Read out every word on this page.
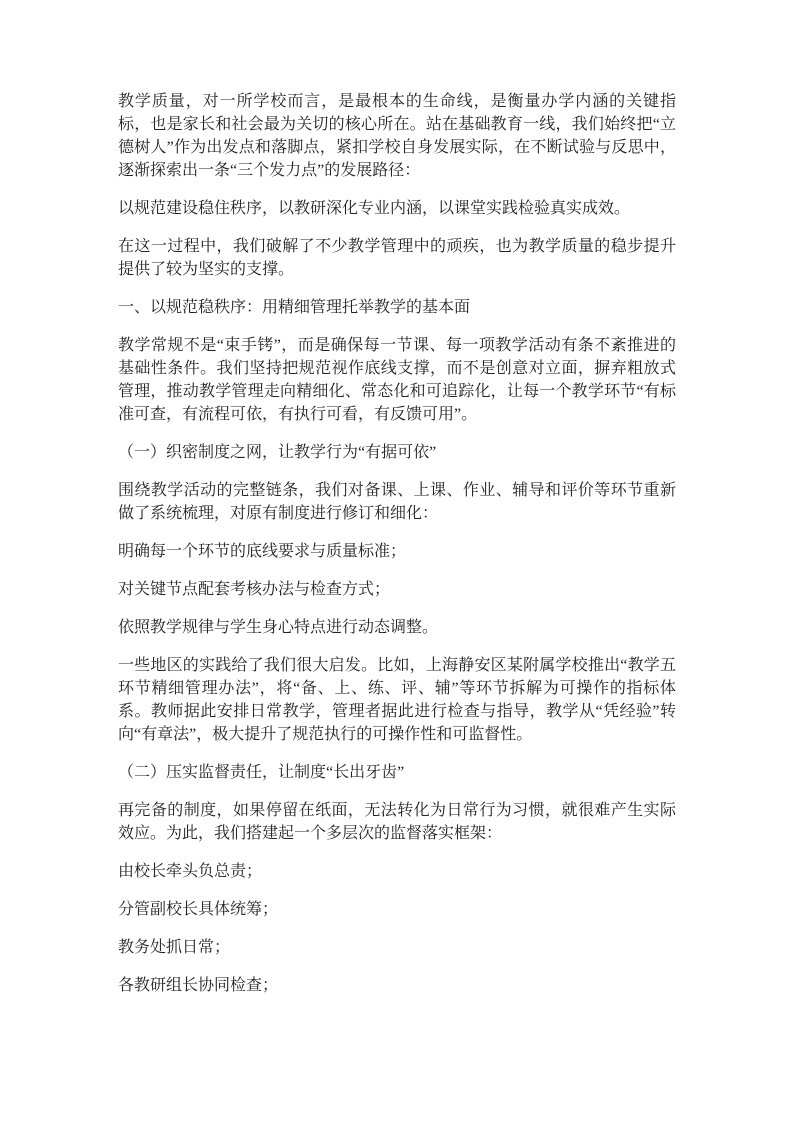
教学质量，对一所学校而言，是最根本的生命线，是衡量办学内涵的关键指标，也是家长和社会最为关切的核心所在。站在基础教育一线，我们始终把“立德树人”作为出发点和落脚点，紧扣学校自身发展实际，在不断试验与反思中，逐渐探索出一条“三个发力点”的发展路径：

以规范建设稳住秩序，以教研深化专业内涵，以课堂实践检验真实成效。

在这一过程中，我们破解了不少教学管理中的顽疾，也为教学质量的稳步提升提供了较为坚实的支撑。

一、以规范稳秩序：用精细管理托举教学的基本面

教学常规不是“束手铐”，而是确保每一节课、每一项教学活动有条不紊推进的基础性条件。我们坚持把规范视作底线支撑，而不是创意对立面，摒弃粗放式管理，推动教学管理走向精细化、常态化和可追踪化，让每一个教学环节“有标准可查，有流程可依，有执行可看，有反馈可用”。

（一）织密制度之网，让教学行为“有据可依”

围绕教学活动的完整链条，我们对备课、上课、作业、辅导和评价等环节重新做了系统梳理，对原有制度进行修订和细化：

明确每一个环节的底线要求与质量标准；

对关键节点配套考核办法与检查方式；

依照教学规律与学生身心特点进行动态调整。

一些地区的实践给了我们很大启发。比如，上海静安区某附属学校推出“教学五环节精细管理办法”，将“备、上、练、评、辅”等环节拆解为可操作的指标体系。教师据此安排日常教学，管理者据此进行检查与指导，教学从“凭经验”转向“有章法”，极大提升了规范执行的可操作性和可监督性。

（二）压实监督责任，让制度“长出牙齿”

再完备的制度，如果停留在纸面，无法转化为日常行为习惯，就很难产生实际效应。为此，我们搭建起一个多层次的监督落实框架：

由校长牵头负总责；

分管副校长具体统筹；

教务处抓日常；

各教研组长协同检查；
